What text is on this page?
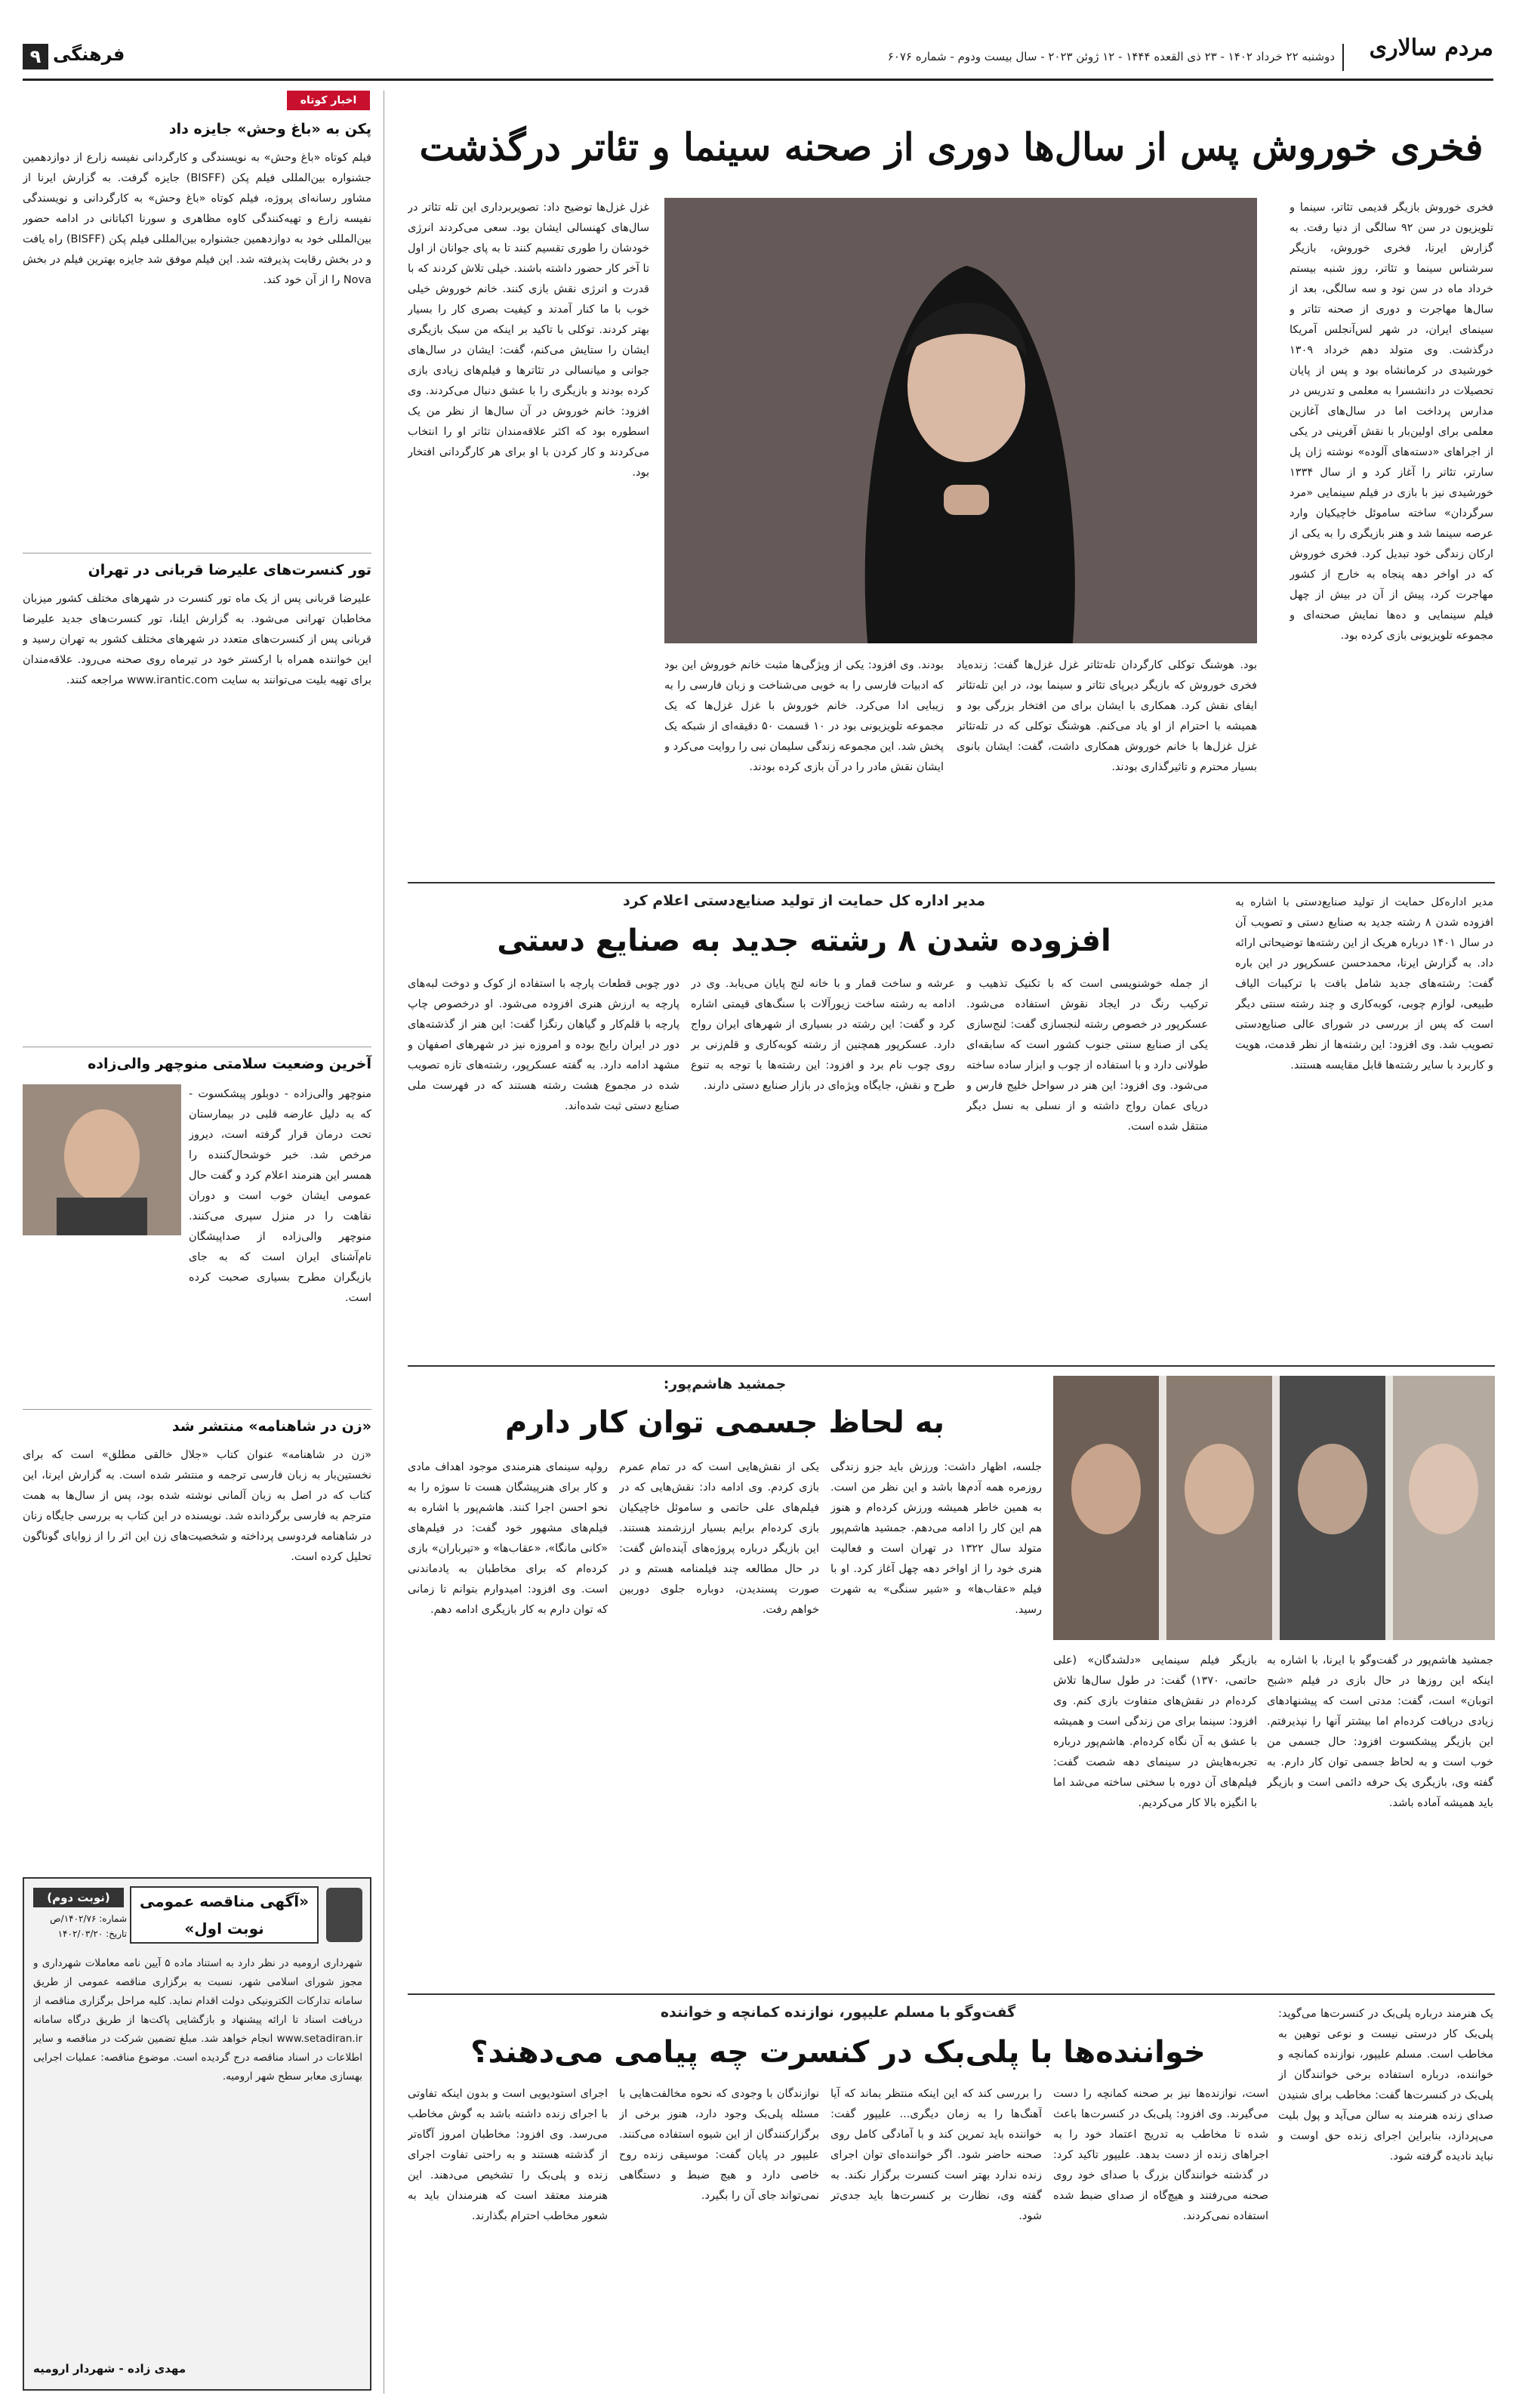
مردم سالاری
دوشنبه ۲۲ خرداد ۱۴۰۲ - ۲۳ ذی القعده ۱۴۴۴ - ۱۲ ژوئن ۲۰۲۳ - سال بیست ودوم - شماره ۶۰۷۶
فرهنگی
۹
فخری خوروش پس از سال‌ها دوری از صحنه سینما و تئاتر درگذشت
فخری خوروش بازیگر قدیمی تئاتر، سینما و تلویزیون در سن ۹۲ سالگی از دنیا رفت. به گزارش ایرنا، فخری خوروش، بازیگر سرشناس سینما و تئاتر، روز شنبه بیستم خرداد ماه در سن نود و سه سالگی، بعد از سال‌ها مهاجرت و دوری از صحنه تئاتر و سینمای ایران، در شهر لس‌آنجلس آمریکا درگذشت. وی متولد دهم خرداد ۱۳۰۹ خورشیدی در کرمانشاه بود و پس از پایان تحصیلات در دانشسرا به معلمی و تدریس در مدارس پرداخت اما در سال‌های آغازین معلمی برای اولین‌بار با نقش آفرینی در یکی از اجراهای «دسته‌های آلوده» نوشته ژان پل سارتر، تئاتر را آغاز کرد و از سال ۱۳۳۴ خورشیدی نیز با بازی در فیلم سینمایی «مرد سرگردان» ساخته ساموئل خاچیکیان وارد عرصه سینما شد و هنر بازیگری را به یکی از ارکان زندگی خود تبدیل کرد. فخری خوروش که در اواخر دهه پنجاه به خارج از کشور مهاجرت کرد، پیش از آن در بیش از چهل فیلم سینمایی و ده‌ها نمایش صحنه‌ای و مجموعه تلویزیونی بازی کرده بود.
غزل غزل‌ها توضیح داد: تصویربرداری این تله تئاتر در سال‌های کهنسالی ایشان بود. سعی می‌کردند انرژی خودشان را طوری تقسیم کنند تا به پای جوانان از اول تا آخر کار حضور داشته باشند. خیلی تلاش کردند که با قدرت و انرژی نقش بازی کنند. خانم خوروش خیلی خوب با ما کنار آمدند و کیفیت بصری کار را بسیار بهتر کردند. توکلی با تاکید بر اینکه من سبک بازیگری ایشان را ستایش می‌کنم، گفت: ایشان در سال‌های جوانی و میانسالی در تئاترها و فیلم‌های زیادی بازی کرده بودند و بازیگری را با عشق دنبال می‌کردند. وی افزود: خانم خوروش در آن سال‌ها از نظر من یک اسطوره بود که اکثر علاقه‌مندان تئاتر او را انتخاب می‌کردند و کار کردن با او برای هر کارگردانی افتخار بود.
بود. هوشنگ توکلی کارگردان تله‌تئاتر غزل غزل‌ها گفت: زنده‌یاد فخری خوروش که بازیگر دیرپای تئاتر و سینما بود، در این تله‌تئاتر ایفای نقش کرد. همکاری با ایشان برای من افتخار بزرگی بود و همیشه با احترام از او یاد می‌کنم. هوشنگ توکلی که در تله‌تئاتر غزل غزل‌ها با خانم خوروش همکاری داشت، گفت: ایشان بانوی بسیار محترم و تاثیرگذاری بودند.
بودند. وی افزود: یکی از ویژگی‌ها مثبت خانم خوروش این بود که ادبیات فارسی را به خوبی می‌شناخت و زبان فارسی را به زیبایی ادا می‌کرد. خانم خوروش با غزل غزل‌ها که یک مجموعه تلویزیونی بود در ۱۰ قسمت ۵۰ دقیقه‌ای از شبکه یک پخش شد. این مجموعه زندگی سلیمان نبی را روایت می‌کرد و ایشان نقش مادر را در آن بازی کرده بودند.
مدیر اداره‌کل حمایت از تولید صنایع‌دستی با اشاره به افزوده شدن ۸ رشته جدید به صنایع دستی و تصویب آن در سال ۱۴۰۱ درباره هریک از این رشته‌ها توضیحاتی ارائه داد. به گزارش ایرنا، محمدحسن عسکرپور در این باره گفت: رشته‌های جدید شامل بافت با ترکیبات الیاف طبیعی، لوازم چوبی، کوبه‌کاری و چند رشته سنتی دیگر است که پس از بررسی در شورای عالی صنایع‌دستی تصویب شد. وی افزود: این رشته‌ها از نظر قدمت، هویت و کاربرد با سایر رشته‌ها قابل مقایسه هستند.

مدیر اداره کل حمایت از تولید صنایع‌دستی اعلام کرد

افزوده شدن ۸ رشته جدید به صنایع دستی
از جمله خوشنویسی است که با تکنیک تذهیب و ترکیب رنگ در ایجاد نقوش استفاده می‌شود. عسکرپور در خصوص رشته لنجسازی گفت: لنج‌سازی یکی از صنایع سنتی جنوب کشور است که سابقه‌ای طولانی دارد و با استفاده از چوب و ابزار ساده ساخته می‌شود. وی افزود: این هنر در سواحل خلیج فارس و دریای عمان رواج داشته و از نسلی به نسل دیگر منتقل شده است.
عرشه و ساخت قمار و با خانه لنج پایان می‌یابد. وی در ادامه به رشته ساخت زیورآلات با سنگ‌های قیمتی اشاره کرد و گفت: این رشته در بسیاری از شهرهای ایران رواج دارد. عسکرپور همچنین از رشته کوبه‌کاری و قلم‌زنی بر روی چوب نام برد و افزود: این رشته‌ها با توجه به تنوع طرح و نقش، جایگاه ویژه‌ای در بازار صنایع دستی دارند.
دور چوبی قطعات پارچه با استفاده از کوک و دوخت لبه‌های پارچه به ارزش هنری افزوده می‌شود. او درخصوص چاپ پارچه با قلم‌کار و گیاهان رنگزا گفت: این هنر از گذشته‌های دور در ایران رایج بوده و امروزه نیز در شهرهای اصفهان و مشهد ادامه دارد. به گفته عسکرپور، رشته‌های تازه تصویب شده در مجموع هشت رشته هستند که در فهرست ملی صنایع دستی ثبت شده‌اند.

جمشید هاشم‌پور:

به لحاظ جسمی توان کار دارم
جمشید هاشم‌پور در گفت‌وگو با ایرنا، با اشاره به اینکه این روزها در حال بازی در فیلم «شبح اتوبان» است، گفت: مدتی است که پیشنهادهای زیادی دریافت کرده‌ام اما بیشتر آنها را نپذیرفتم. این بازیگر پیشکسوت افزود: حال جسمی من خوب است و به لحاظ جسمی توان کار دارم. به گفته وی، بازیگری یک حرفه دائمی است و بازیگر باید همیشه آماده باشد.
بازیگر فیلم سینمایی «دلشدگان» (علی حاتمی، ۱۳۷۰) گفت: در طول سال‌ها تلاش کرده‌ام در نقش‌های متفاوت بازی کنم. وی افزود: سینما برای من زندگی است و همیشه با عشق به آن نگاه کرده‌ام. هاشم‌پور درباره تجربه‌هایش در سینمای دهه شصت گفت: فیلم‌های آن دوره با سختی ساخته می‌شد اما با انگیزه بالا کار می‌کردیم.
جلسه، اظهار داشت: ورزش باید جزو زندگی روزمره همه آدم‌ها باشد و این نظر من است. به همین خاطر همیشه ورزش کرده‌ام و هنوز هم این کار را ادامه می‌دهم. جمشید هاشم‌پور متولد سال ۱۳۲۲ در تهران است و فعالیت هنری خود را از اواخر دهه چهل آغاز کرد. او با فیلم «عقاب‌ها» و «شیر سنگی» به شهرت رسید.
یکی از نقش‌هایی است که در تمام عمرم بازی کردم. وی ادامه داد: نقش‌هایی که در فیلم‌های علی حاتمی و ساموئل خاچیکیان بازی کرده‌ام برایم بسیار ارزشمند هستند. این بازیگر درباره پروژه‌های آینده‌اش گفت: در حال مطالعه چند فیلمنامه هستم و در صورت پسندیدن، دوباره جلوی دوربین خواهم رفت.
رولپه سینمای هنرمندی موجود اهداف مادی و کار برای هنرپیشگان هست تا سوژه را به نحو احسن اجرا کنند. هاشم‌پور با اشاره به فیلم‌های مشهور خود گفت: در فیلم‌های «کانی مانگا»، «عقاب‌ها» و «تیرباران» بازی کرده‌ام که برای مخاطبان به یادماندنی است. وی افزود: امیدوارم بتوانم تا زمانی که توان دارم به کار بازیگری ادامه دهم.

گفت‌وگو با مسلم علیپور، نوازنده کمانچه و خواننده

خواننده‌ها با پلی‌بک در کنسرت چه پیامی می‌دهند؟
یک هنرمند درباره پلی‌بک در کنسرت‌ها می‌گوید: پلی‌بک کار درستی نیست و نوعی توهین به مخاطب است. مسلم علیپور، نوازنده کمانچه و خواننده، درباره استفاده برخی خوانندگان از پلی‌بک در کنسرت‌ها گفت: مخاطب برای شنیدن صدای زنده هنرمند به سالن می‌آید و پول بلیت می‌پردازد، بنابراین اجرای زنده حق اوست و نباید نادیده گرفته شود.
است، نوازنده‌ها نیز بر صحنه کمانچه را دست می‌گیرند. وی افزود: پلی‌بک در کنسرت‌ها باعث شده تا مخاطب به تدریج اعتماد خود را به اجراهای زنده از دست بدهد. علیپور تاکید کرد: در گذشته خوانندگان بزرگ با صدای خود روی صحنه می‌رفتند و هیچ‌گاه از صدای ضبط شده استفاده نمی‌کردند.
را بررسی کند که این اینکه منتظر بماند که آیا آهنگ‌ها را به زمان دیگری... علیپور گفت: خواننده باید تمرین کند و با آمادگی کامل روی صحنه حاضر شود. اگر خواننده‌ای توان اجرای زنده ندارد بهتر است کنسرت برگزار نکند. به گفته وی، نظارت بر کنسرت‌ها باید جدی‌تر شود.
نوازندگان با وجودی که نحوه مخالفت‌هایی با مسئله پلی‌بک وجود دارد، هنوز برخی از برگزارکنندگان از این شیوه استفاده می‌کنند. علیپور در پایان گفت: موسیقی زنده روح خاصی دارد و هیچ ضبط و دستگاهی نمی‌تواند جای آن را بگیرد.
اجرای استودیویی است و بدون اینکه تفاوتی با اجرای زنده داشته باشد به گوش مخاطب می‌رسد. وی افزود: مخاطبان امروز آگاه‌تر از گذشته هستند و به راحتی تفاوت اجرای زنده و پلی‌بک را تشخیص می‌دهند. این هنرمند معتقد است که هنرمندان باید به شعور مخاطب احترام بگذارند.
اخبار کوتاه
پکن به «باغ وحش» جایزه داد
فیلم کوتاه «باغ وحش» به نویسندگی و کارگردانی نفیسه زارع از دوازدهمین جشنواره بین‌المللی فیلم پکن (BISFF) جایزه گرفت. به گزارش ایرنا از مشاور رسانه‌ای پروژه، فیلم کوتاه «باغ وحش» به کارگردانی و نویسندگی نفیسه زارع و تهیه‌کنندگی کاوه مظاهری و سورنا اکباتانی در ادامه حضور بین‌المللی خود به دوازدهمین جشنواره بین‌المللی فیلم پکن (BISFF) راه یافت و در بخش رقابت پذیرفته شد. این فیلم موفق شد جایزه بهترین فیلم در بخش Nova را از آن خود کند.
تور کنسرت‌های علیرضا قربانی در تهران
علیرضا قربانی پس از یک ماه تور کنسرت در شهرهای مختلف کشور میزبان مخاطبان تهرانی می‌شود. به گزارش ایلنا، تور کنسرت‌های جدید علیرضا قربانی پس از کنسرت‌های متعدد در شهرهای مختلف کشور به تهران رسید و این خواننده همراه با ارکستر خود در تیرماه روی صحنه می‌رود. علاقه‌مندان برای تهیه بلیت می‌توانند به سایت www.irantic.com مراجعه کنند.
آخرین وضعیت سلامتی منوچهر والی‌زاده
منوچهر والی‌زاده - دوبلور پیشکسوت - که به دلیل عارضه قلبی در بیمارستان تحت درمان قرار گرفته است، دیروز مرخص شد. خبر خوشحال‌کننده را همسر این هنرمند اعلام کرد و گفت حال عمومی ایشان خوب است و دوران نقاهت را در منزل سپری می‌کنند. منوچهر والی‌زاده از صداپیشگان نام‌آشنای ایران است که به جای بازیگران مطرح بسیاری صحبت کرده است.
«زن در شاهنامه» منتشر شد
«زن در شاهنامه» عنوان کتاب «جلال خالقی مطلق» است که برای نخستین‌بار به زبان فارسی ترجمه و منتشر شده است. به گزارش ایرنا، این کتاب که در اصل به زبان آلمانی نوشته شده بود، پس از سال‌ها به همت مترجم به فارسی برگردانده شد. نویسنده در این کتاب به بررسی جایگاه زنان در شاهنامه فردوسی پرداخته و شخصیت‌های زن این اثر را از زوایای گوناگون تحلیل کرده است.
(نوبت دوم)	«آگهی مناقصه عمومی نوبت اول»
شماره: ۱۴۰۲/۷۶/ص
تاریخ: ۱۴۰۲/۰۳/۲۰
شهرداری ارومیه در نظر دارد به استناد ماده ۵ آیین نامه معاملات شهرداری و مجوز شورای اسلامی شهر، نسبت به برگزاری مناقصه عمومی از طریق سامانه تدارکات الکترونیکی دولت اقدام نماید. کلیه مراحل برگزاری مناقصه از دریافت اسناد تا ارائه پیشنهاد و بازگشایی پاکت‌ها از طریق درگاه سامانه www.setadiran.ir انجام خواهد شد. مبلغ تضمین شرکت در مناقصه و سایر اطلاعات در اسناد مناقصه درج گردیده است. موضوع مناقصه: عملیات اجرایی بهسازی معابر سطح شهر ارومیه.
مهدی زاده - شهردار ارومیه
